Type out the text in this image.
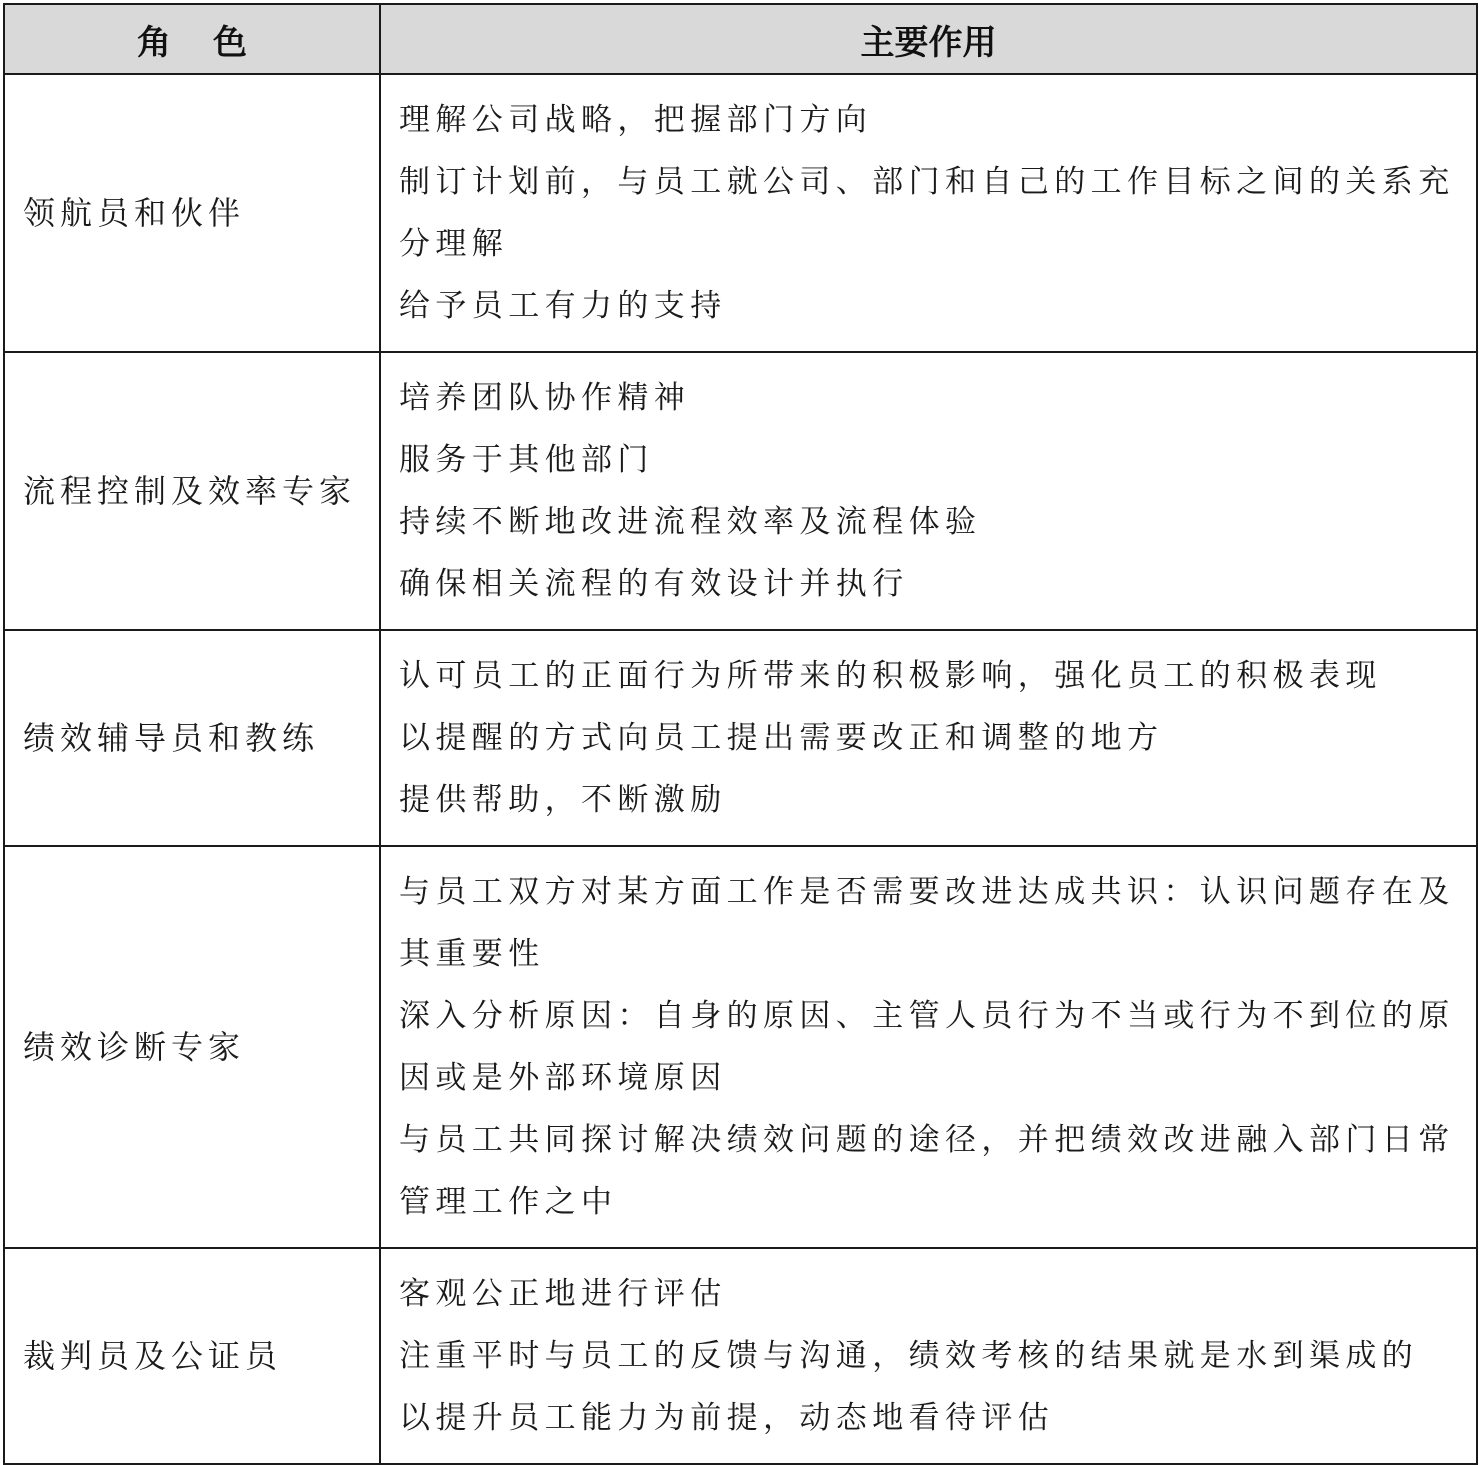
角色	主要作用
领航员和伙伴	理解公司战略，把握部门方向
制订计划前，与员工就公司、部门和自己的工作目标之间的关系充分理解
给予员工有力的支持

流程控制及效率专家	培养团队协作精神
服务于其他部门
持续不断地改进流程效率及流程体验
确保相关流程的有效设计并执行

绩效辅导员和教练	认可员工的正面行为所带来的积极影响，强化员工的积极表现
以提醒的方式向员工提出需要改正和调整的地方
提供帮助，不断激励

绩效诊断专家	与员工双方对某方面工作是否需要改进达成共识：认识问题存在及其重要性
深入分析原因：自身的原因、主管人员行为不当或行为不到位的原因或是外部环境原因
与员工共同探讨解决绩效问题的途径，并把绩效改进融入部门日常管理工作之中

裁判员及公证员	客观公正地进行评估
注重平时与员工的反馈与沟通，绩效考核的结果就是水到渠成的
以提升员工能力为前提，动态地看待评估
